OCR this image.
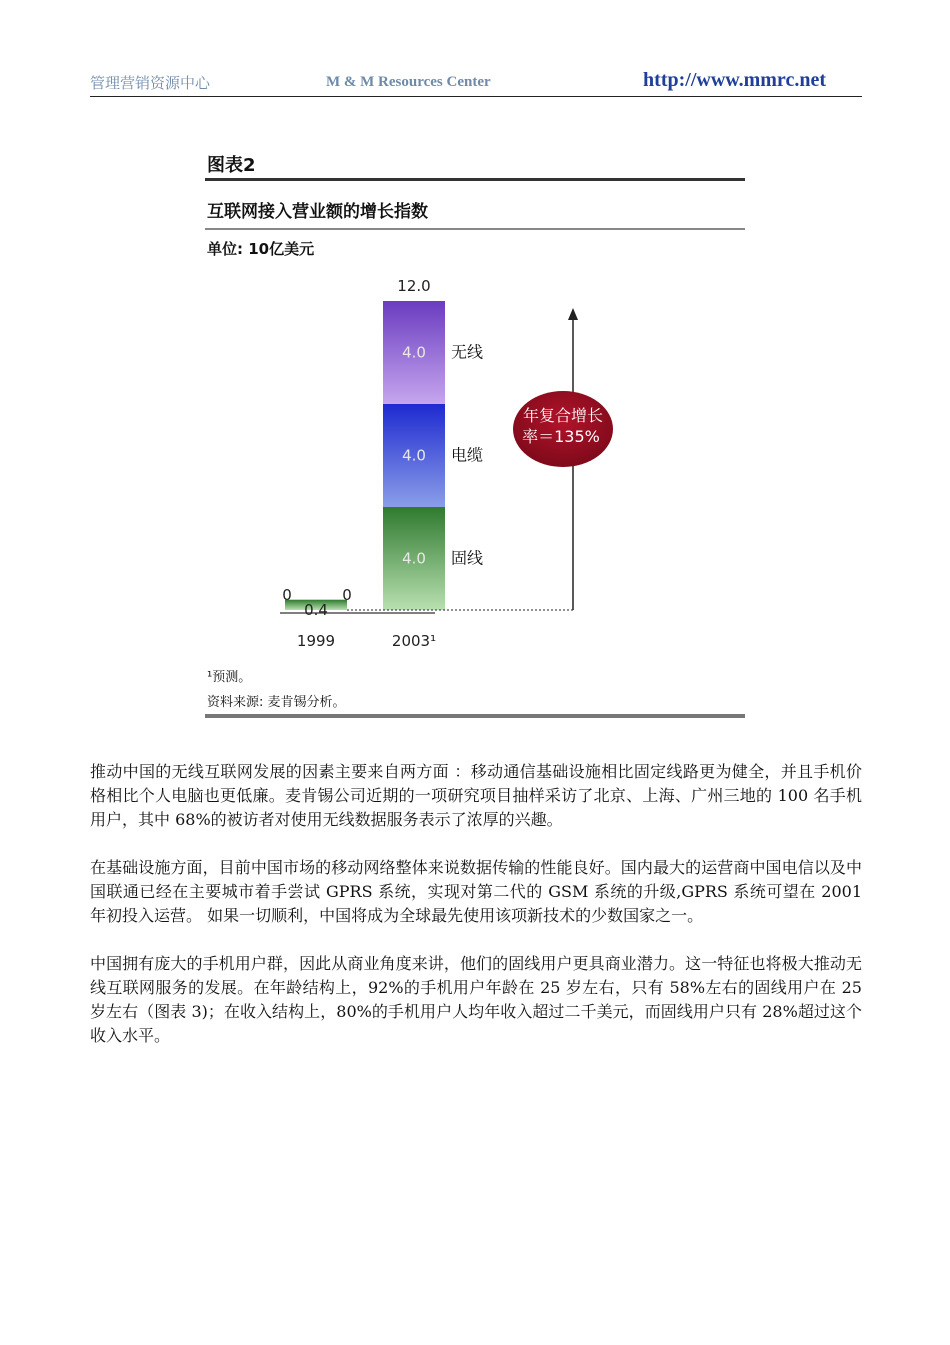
管理营销资源中心	M & M Resources Center	http://www.mmrc.net
图表2
互联网接入营业额的增长指数
单位: 10亿美元
年复合增长
率＝135%
1999	2003¹
4.0 固线
4.0 电缆
4.0 无线
12.0
0.4
0	0
¹预测。
资料来源: 麦肯锡分析。

推动中国的无线互联网发展的因素主要来自两方面 ：移动通信基础设施相比固定线路更为健全，并且手机价格相比个人电脑也更低廉。麦肯锡公司近期的一项研究项目抽样采访了北京、上海、广州三地的 100 名手机用户，其中 68%的被访者对使用无线数据服务表示了浓厚的兴趣。

在基础设施方面，目前中国市场的移动网络整体来说数据传输的性能良好。国内最大的运营商中国电信以及中国联通已经在主要城市着手尝试 GPRS 系统，实现对第二代的 GSM 系统的升级,GPRS 系统可望在 2001 年初投入运营。 如果一切顺利，中国将成为全球最先使用该项新技术的少数国家之一。

中国拥有庞大的手机用户群，因此从商业角度来讲，他们的固线用户更具商业潜力。这一特征也将极大推动无线互联网服务的发展。在年龄结构上，92%的手机用户年龄在 25 岁左右，只有 58%左右的固线用户在 25 岁左右（图表 3)；在收入结构上，80%的手机用户人均年收入超过二千美元，而固线用户只有 28%超过这个收入水平。
